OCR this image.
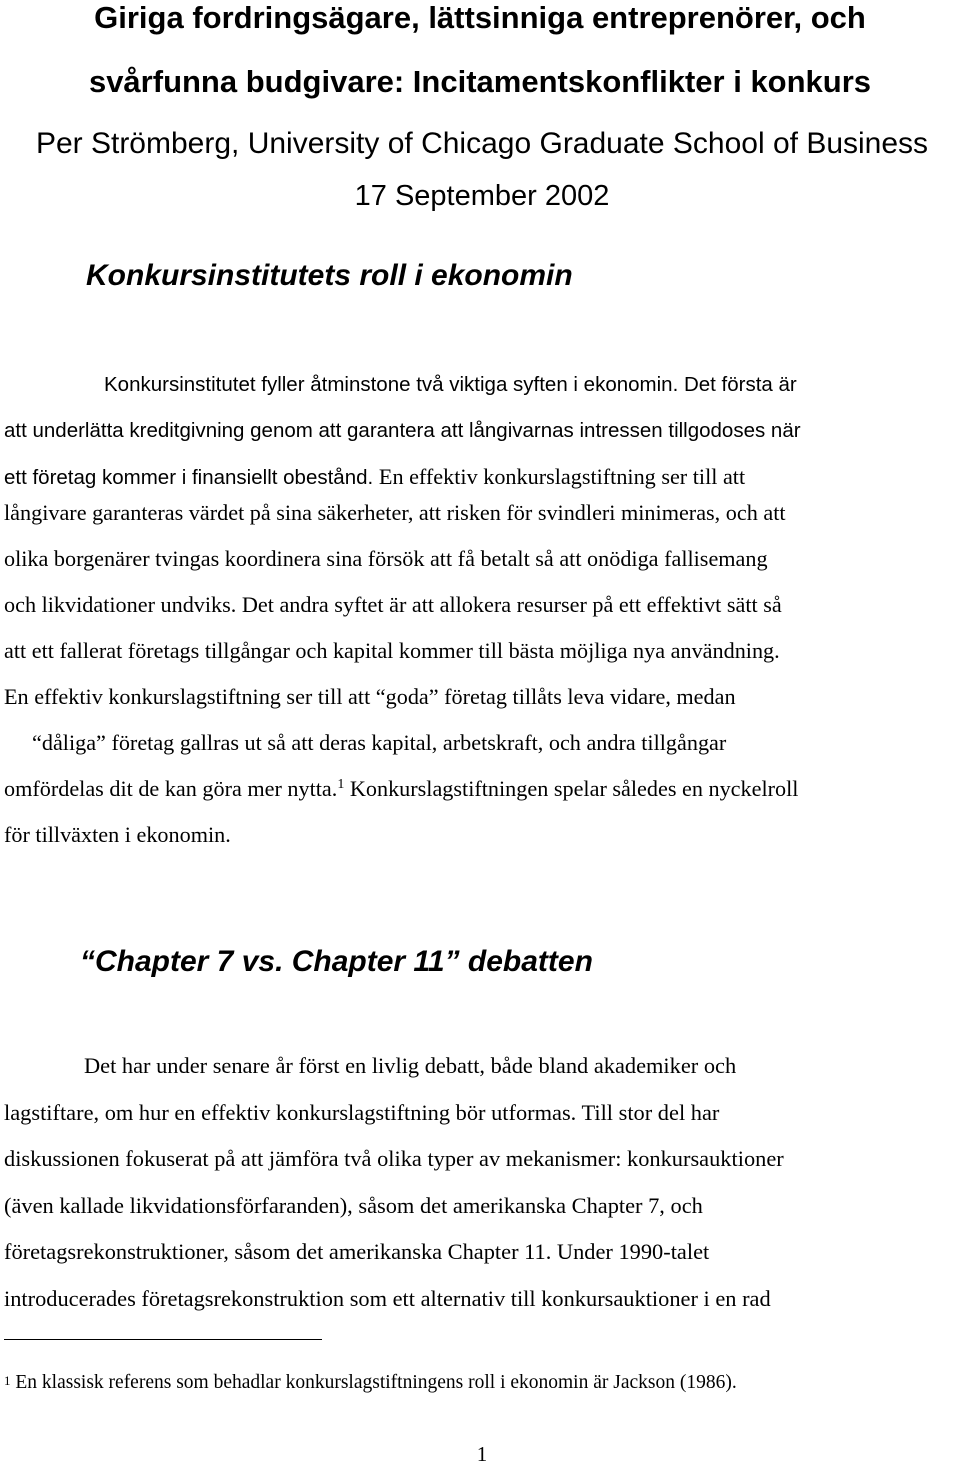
Giriga fordringsägare, lättsinniga entreprenörer, och
svårfunna budgivare: Incitamentskonflikter i konkurs

Per Strömberg, University of Chicago Graduate School of Business

17 September 2002

Konkursinstitutets roll i ekonomin

Konkursinstitutet fyller åtminstone två viktiga syften i ekonomin. Det första är
att underlätta kreditgivning genom att garantera att långivarnas intressen tillgodoses när
ett företag kommer i finansiellt obestånd. En effektiv konkurslagstiftning ser till att

långivare garanteras värdet på sina säkerheter, att risken för svindleri minimeras, och att
olika borgenärer tvingas koordinera sina försök att få betalt så att onödiga fallisemang
och likvidationer undviks. Det andra syftet är att allokera resurser på ett effektivt sätt så
att ett fallerat företags tillgångar och kapital kommer till bästa möjliga nya användning.
En effektiv konkurslagstiftning ser till att “goda” företag tillåts leva vidare, medan
“dåliga” företag gallras ut så att deras kapital, arbetskraft, och andra tillgångar
omfördelas dit de kan göra mer nytta.$^1$ Konkurslagstiftningen spelar således en nyckelroll
för tillväxten i ekonomin.

“Chapter 7 vs. Chapter 11” debatten

Det har under senare år först en livlig debatt, både bland akademiker och
lagstiftare, om hur en effektiv konkurslagstiftning bör utformas. Till stor del har
diskussionen fokuserat på att jämföra två olika typer av mekanismer: konkursauktioner
(även kallade likvidationsförfaranden), såsom det amerikanska Chapter 7, och
företagsrekonstruktioner, såsom det amerikanska Chapter 11. Under 1990-talet
introducerades företagsrekonstruktion som ett alternativ till konkursauktioner i en rad

$^1$ En klassisk referens som behadlar konkurslagstiftningens roll i ekonomin är Jackson (1986).

1
